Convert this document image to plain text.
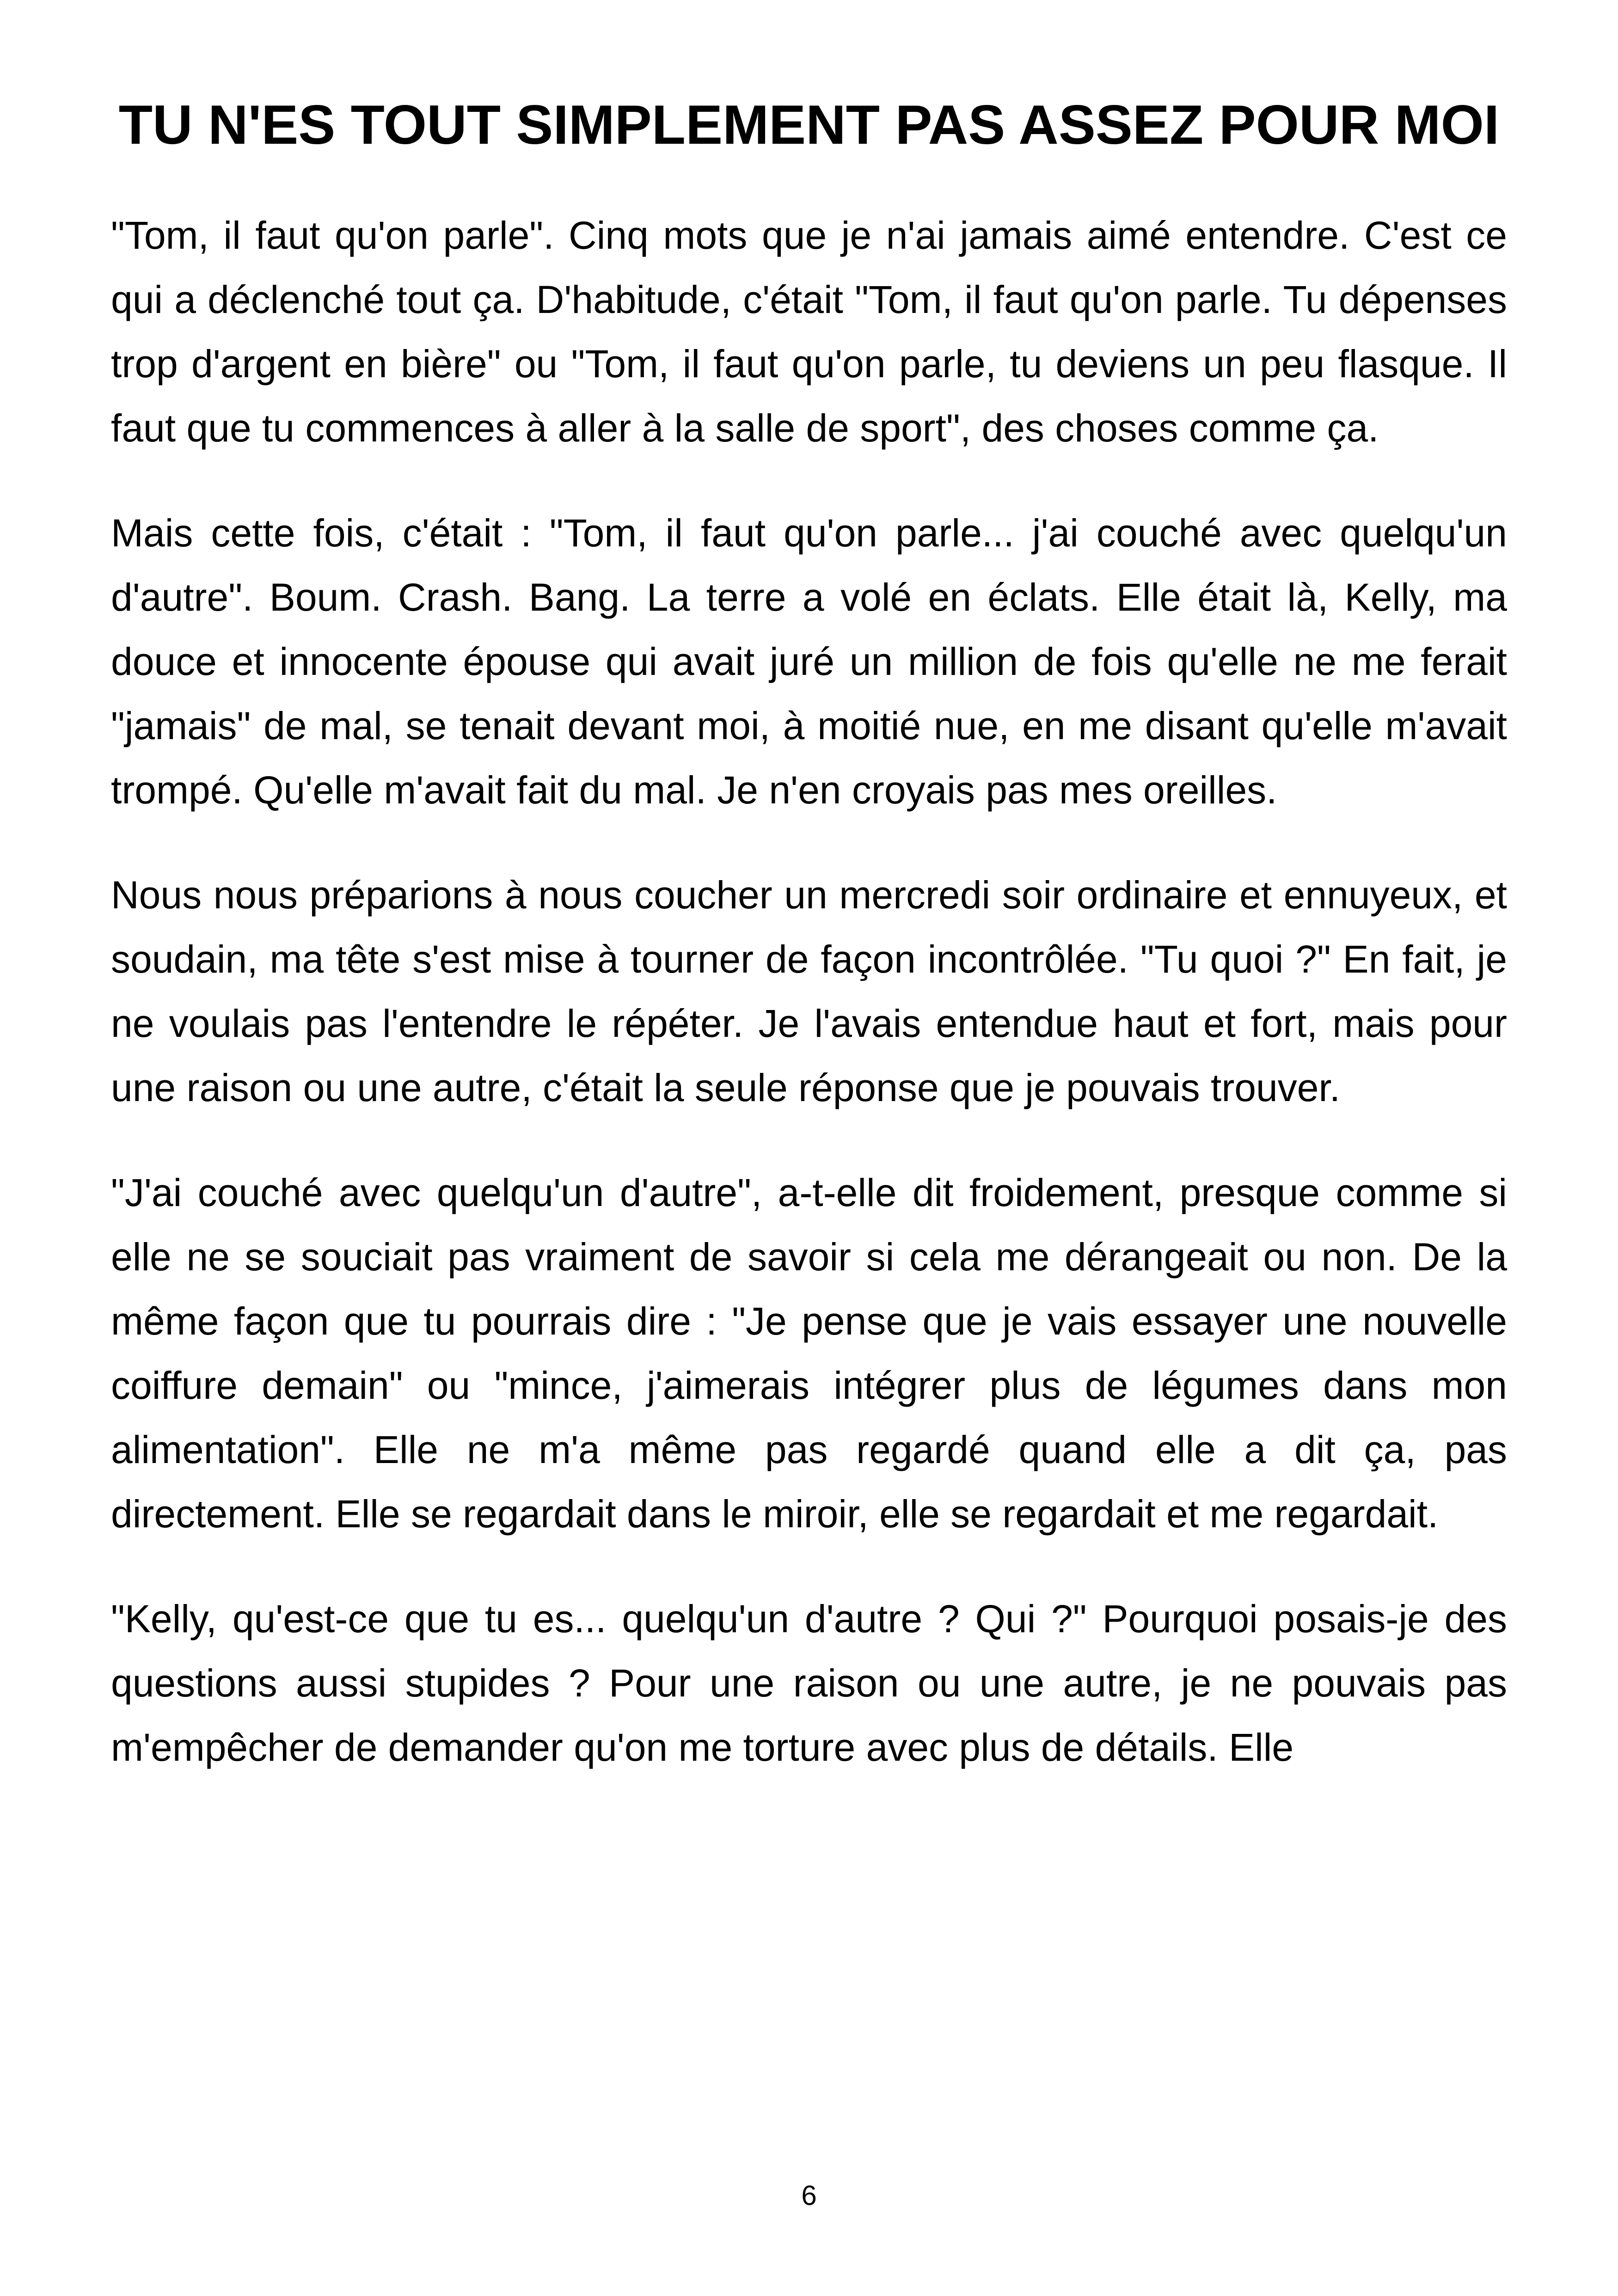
TU N'ES TOUT SIMPLEMENT PAS ASSEZ POUR MOI

"Tom, il faut qu'on parle". Cinq mots que je n'ai jamais aimé entendre. C'est ce qui a déclenché tout ça. D'habitude, c'était "Tom, il faut qu'on parle. Tu dépenses trop d'argent en bière" ou "Tom, il faut qu'on parle, tu deviens un peu flasque. Il faut que tu commences à aller à la salle de sport", des choses comme ça.

Mais cette fois, c'était : "Tom, il faut qu'on parle... j'ai couché avec quelqu'un d'autre". Boum. Crash. Bang. La terre a volé en éclats. Elle était là, Kelly, ma douce et innocente épouse qui avait juré un million de fois qu'elle ne me ferait "jamais" de mal, se tenait devant moi, à moitié nue, en me disant qu'elle m'avait trompé. Qu'elle m'avait fait du mal. Je n'en croyais pas mes oreilles.

Nous nous préparions à nous coucher un mercredi soir ordinaire et ennuyeux, et soudain, ma tête s'est mise à tourner de façon incontrôlée. "Tu quoi ?" En fait, je ne voulais pas l'entendre le répéter. Je l'avais entendue haut et fort, mais pour une raison ou une autre, c'était la seule réponse que je pouvais trouver.

"J'ai couché avec quelqu'un d'autre", a-t-elle dit froidement, presque comme si elle ne se souciait pas vraiment de savoir si cela me dérangeait ou non. De la même façon que tu pourrais dire : "Je pense que je vais essayer une nouvelle coiffure demain" ou "mince, j'aimerais intégrer plus de légumes dans mon alimentation". Elle ne m'a même pas regardé quand elle a dit ça, pas directement. Elle se regardait dans le miroir, elle se regardait et me regardait.

"Kelly, qu'est-ce que tu es... quelqu'un d'autre ? Qui ?" Pourquoi posais-je des questions aussi stupides ? Pour une raison ou une autre, je ne pouvais pas m'empêcher de demander qu'on me torture avec plus de détails. Elle

6
